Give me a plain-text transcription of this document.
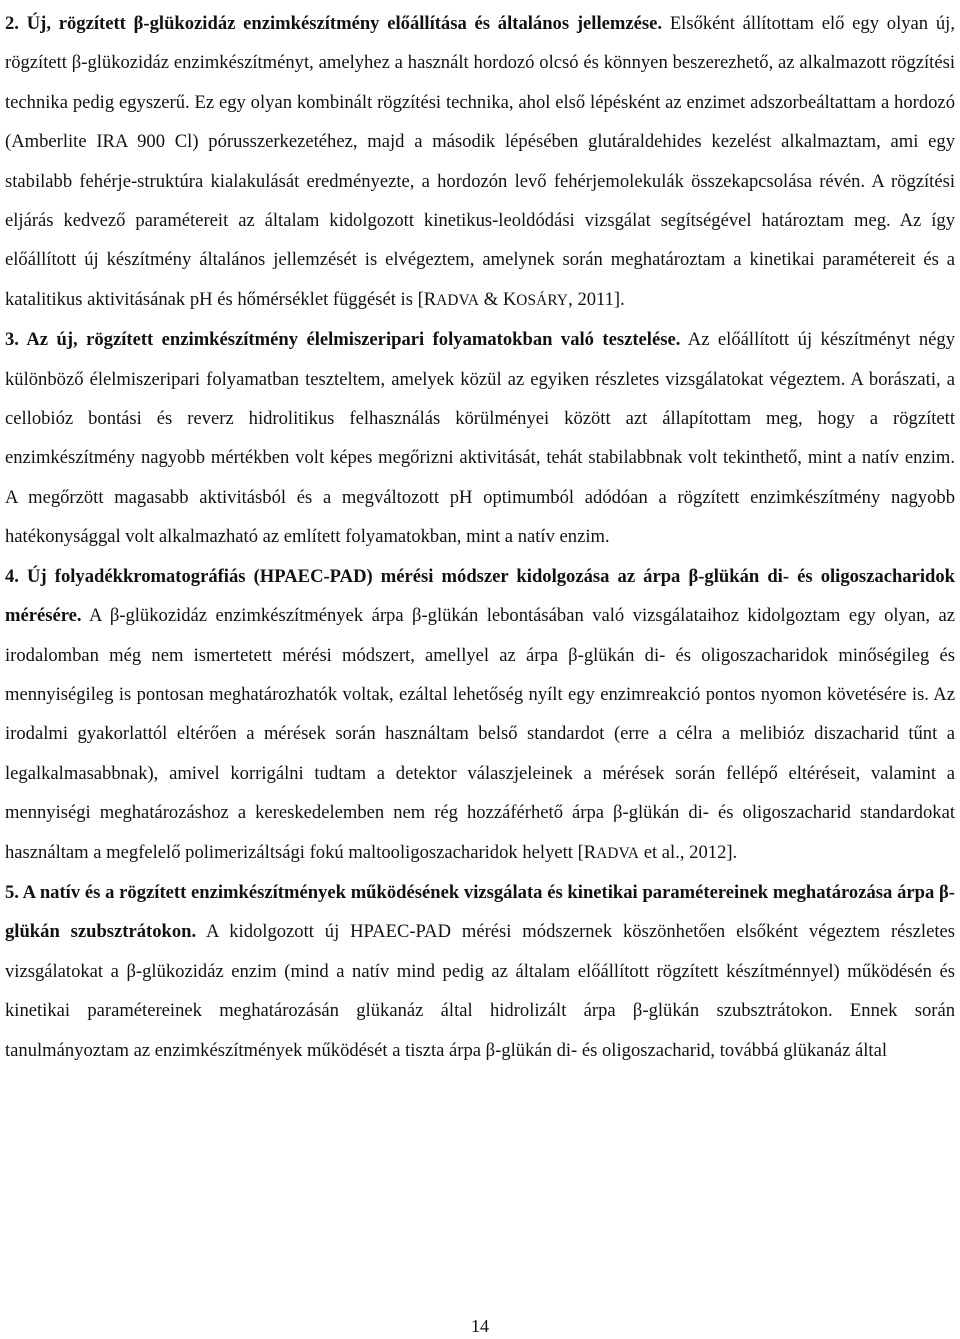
2. Új, rögzített β-glükozidáz enzimkészítmény előállítása és általános jellemzése. Elsőként állítottam elő egy olyan új, rögzített β-glükozidáz enzimkészítményt, amelyhez a használt hordozó olcsó és könnyen beszerezhető, az alkalmazott rögzítési technika pedig egyszerű. Ez egy olyan kombinált rögzítési technika, ahol első lépésként az enzimet adszorbeáltattam a hordozó (Amberlite IRA 900 Cl) pórusszerkezetéhez, majd a második lépésében glutáraldehides kezelést alkalmaztam, ami egy stabilabb fehérje-struktúra kialakulását eredményezte, a hordozón levő fehérjemolekulák összekapcsolása révén. A rögzítési eljárás kedvező paramétereit az általam kidolgozott kinetikus-leoldódási vizsgálat segítségével határoztam meg. Az így előállított új készítmény általános jellemzését is elvégeztem, amelynek során meghatároztam a kinetikai paramétereit és a katalitikus aktivitásának pH és hőmérséklet függését is [RADVA & KOSÁRY, 2011].

3. Az új, rögzített enzimkészítmény élelmiszeripari folyamatokban való tesztelése. Az előállított új készítményt négy különböző élelmiszeripari folyamatban teszteltem, amelyek közül az egyiken részletes vizsgálatokat végeztem. A borászati, a cellobióz bontási és reverz hidrolitikus felhasználás körülményei között azt állapítottam meg, hogy a rögzített enzimkészítmény nagyobb mértékben volt képes megőrizni aktivitását, tehát stabilabbnak volt tekinthető, mint a natív enzim. A megőrzött magasabb aktivitásból és a megváltozott pH optimumból adódóan a rögzített enzimkészítmény nagyobb hatékonysággal volt alkalmazható az említett folyamatokban, mint a natív enzim.

4. Új folyadékkromatográfiás (HPAEC-PAD) mérési módszer kidolgozása az árpa β-glükán di- és oligoszacharidok mérésére. A β-glükozidáz enzimkészítmények árpa β-glükán lebontásában való vizsgálataihoz kidolgoztam egy olyan, az irodalomban még nem ismertetett mérési módszert, amellyel az árpa β-glükán di- és oligoszacharidok minőségileg és mennyiségileg is pontosan meghatározhatók voltak, ezáltal lehetőség nyílt egy enzimreakció pontos nyomon követésére is. Az irodalmi gyakorlattól eltérően a mérések során használtam belső standardot (erre a célra a melibióz diszacharid tűnt a legalkalmasabbnak), amivel korrigálni tudtam a detektor válaszjeleinek a mérések során fellépő eltéréseit, valamint a mennyiségi meghatározáshoz a kereskedelemben nem rég hozzáférhető árpa β-glükán di- és oligoszacharid standardokat használtam a megfelelő polimerizáltsági fokú maltooligoszacharidok helyett [RADVA et al., 2012].

5. A natív és a rögzített enzimkészítmények működésének vizsgálata és kinetikai paramétereinek meghatározása árpa β-glükán szubsztrátokon. A kidolgozott új HPAEC-PAD mérési módszernek köszönhetően elsőként végeztem részletes vizsgálatokat a β-glükozidáz enzim (mind a natív mind pedig az általam előállított rögzített készítménnyel) működésén és kinetikai paramétereinek meghatározásán glükanáz által hidrolizált árpa β-glükán szubsztrátokon. Ennek során tanulmányoztam az enzimkészítmények működését a tiszta árpa β-glükán di- és oligoszacharid, továbbá glükanáz által

14
